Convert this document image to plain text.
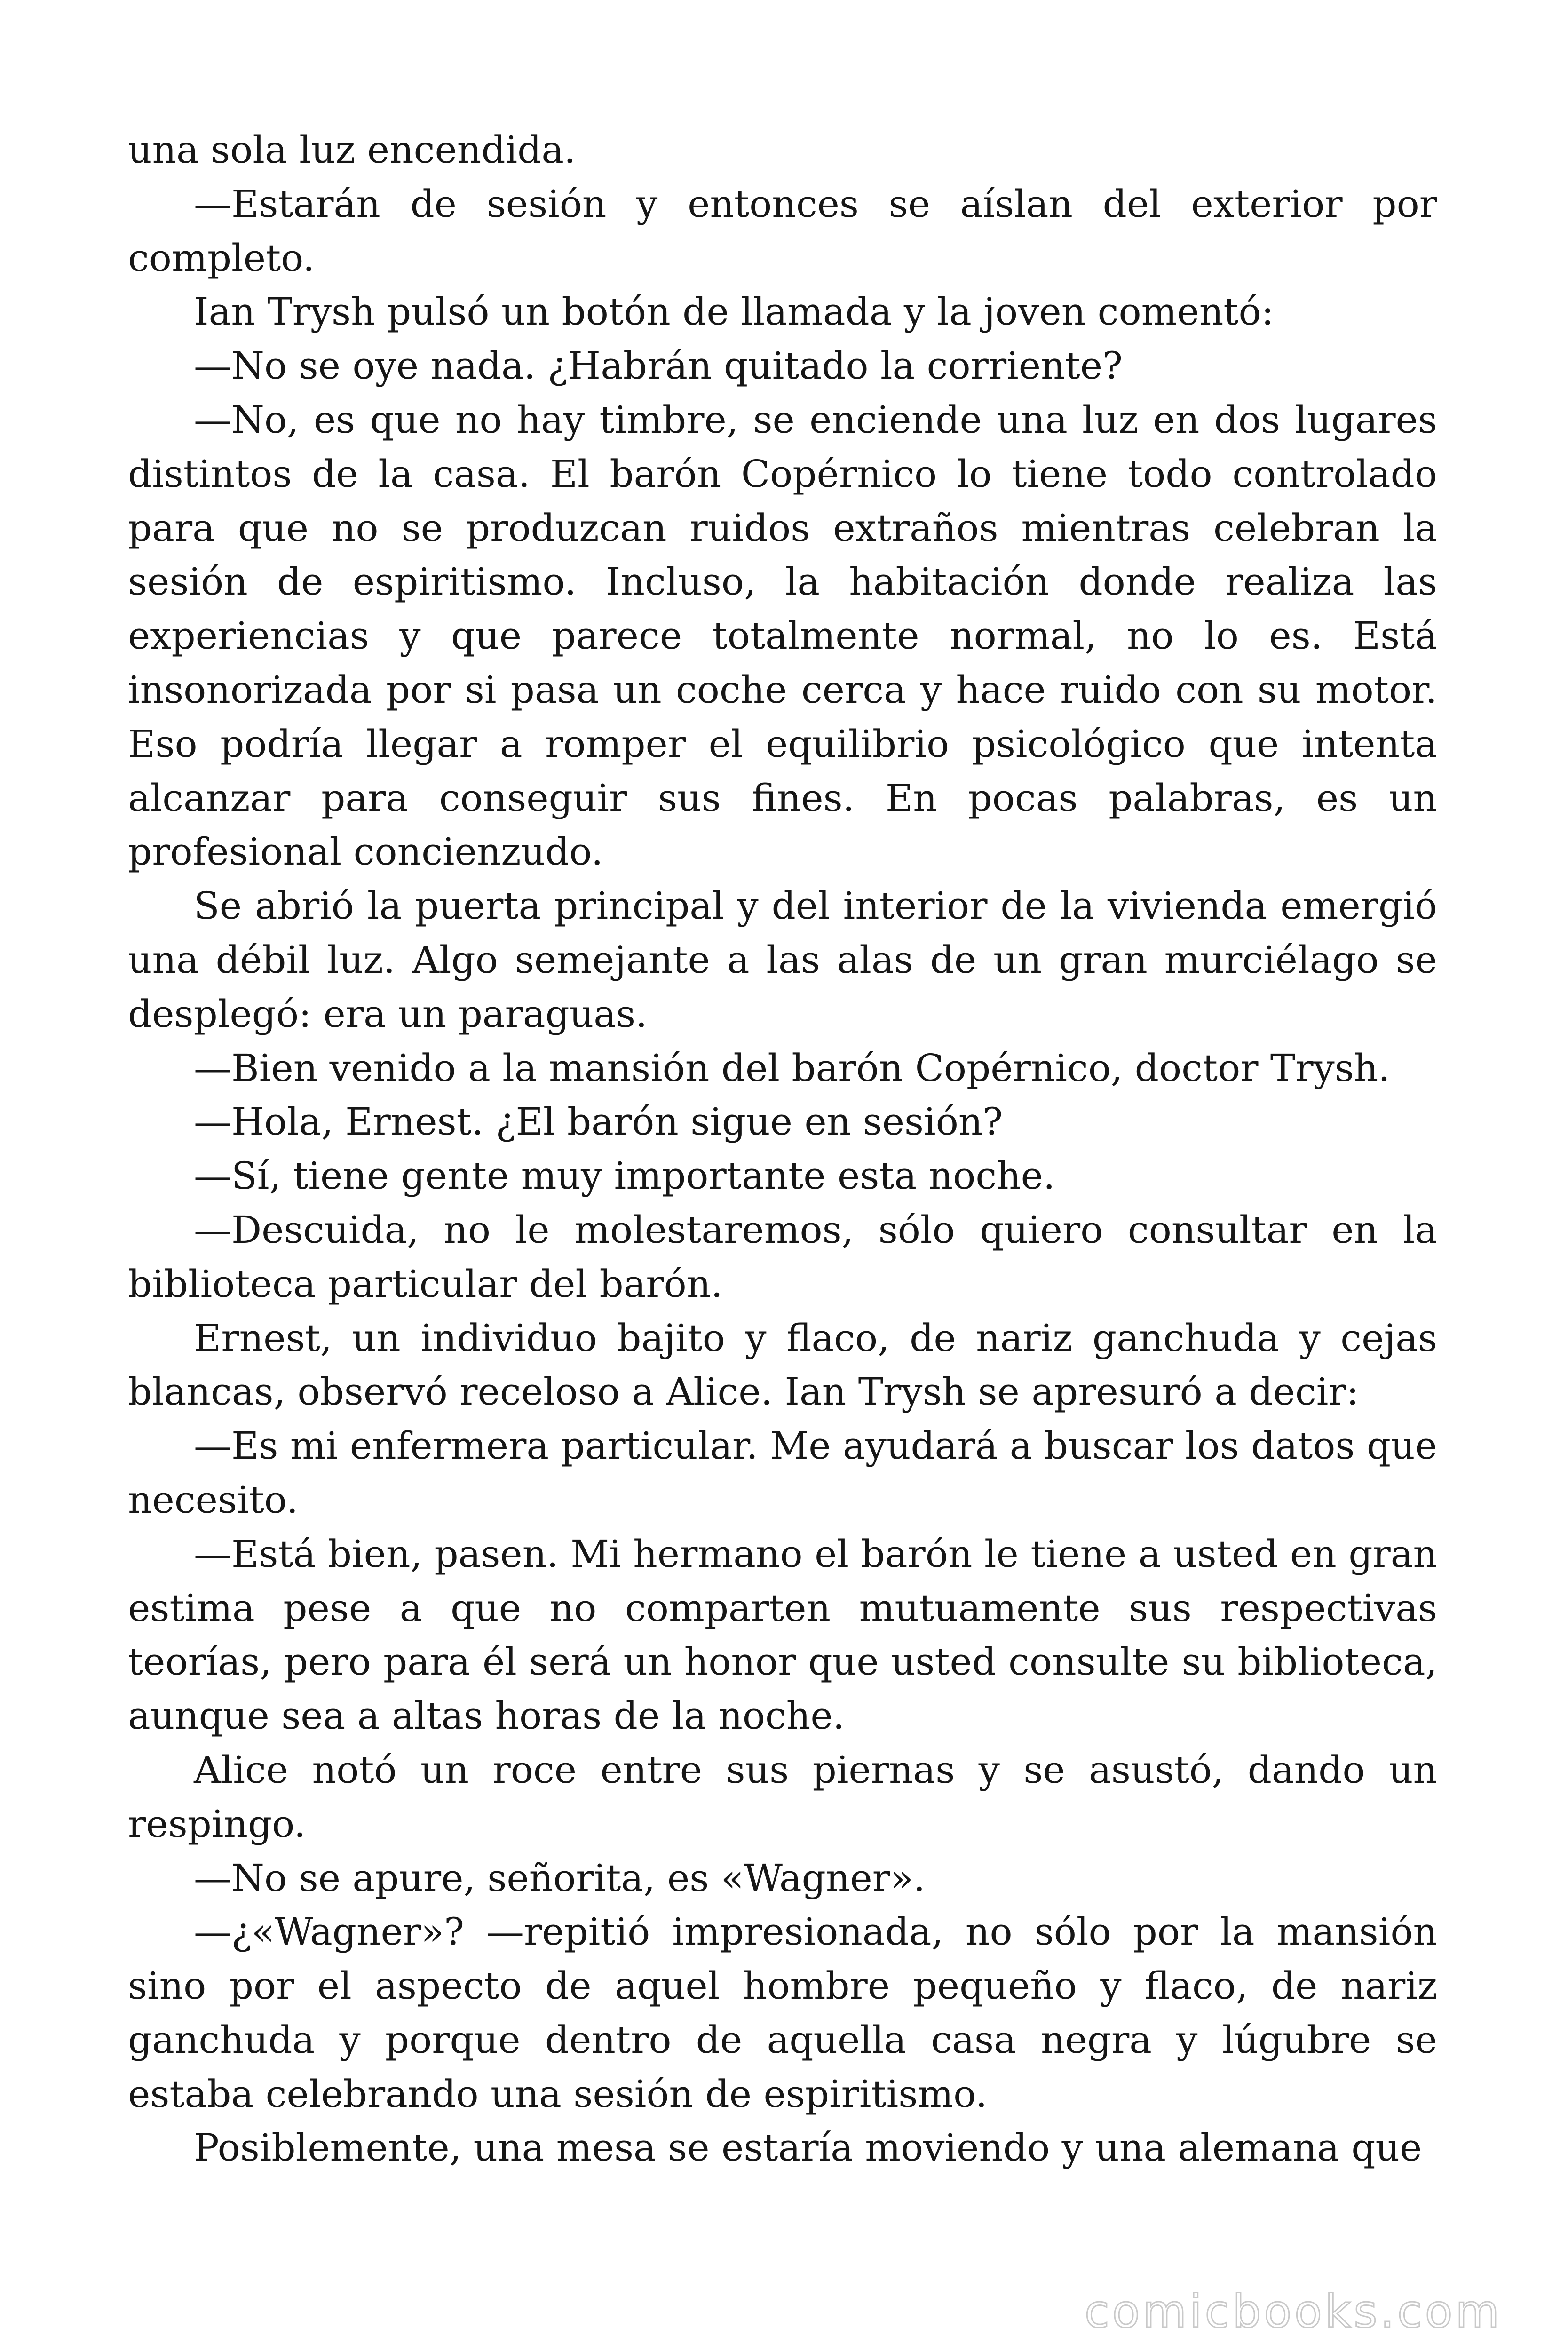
una sola luz encendida.

—Estarán de sesión y entonces se aíslan del exterior por completo.

Ian Trysh pulsó un botón de llamada y la joven comentó:

—No se oye nada. ¿Habrán quitado la corriente?

—No, es que no hay timbre, se enciende una luz en dos lugares distintos de la casa. El barón Copérnico lo tiene todo controlado para que no se produzcan ruidos extraños mientras celebran la sesión de espiritismo. Incluso, la habitación donde realiza las experiencias y que parece totalmente normal, no lo es. Está insonorizada por si pasa un coche cerca y hace ruido con su motor. Eso podría llegar a romper el equilibrio psicológico que intenta alcanzar para conseguir sus fines. En pocas palabras, es un profesional concienzudo.

Se abrió la puerta principal y del interior de la vivienda emergió una débil luz. Algo semejante a las alas de un gran murciélago se desplegó: era un paraguas.

—Bien venido a la mansión del barón Copérnico, doctor Trysh.

—Hola, Ernest. ¿El barón sigue en sesión?

—Sí, tiene gente muy importante esta noche.

—Descuida, no le molestaremos, sólo quiero consultar en la biblioteca particular del barón.

Ernest, un individuo bajito y flaco, de nariz ganchuda y cejas blancas, observó receloso a Alice. Ian Trysh se apresuró a decir:

—Es mi enfermera particular. Me ayudará a buscar los datos que necesito.

—Está bien, pasen. Mi hermano el barón le tiene a usted en gran estima pese a que no comparten mutuamente sus respectivas teorías, pero para él será un honor que usted consulte su biblioteca, aunque sea a altas horas de la noche.

Alice notó un roce entre sus piernas y se asustó, dando un respingo.

—No se apure, señorita, es «Wagner».

—¿«Wagner»? —repitió impresionada, no sólo por la mansión sino por el aspecto de aquel hombre pequeño y flaco, de nariz ganchuda y porque dentro de aquella casa negra y lúgubre se estaba celebrando una sesión de espiritismo.

Posiblemente, una mesa se estaría moviendo y una alemana que

comicbooks.com
